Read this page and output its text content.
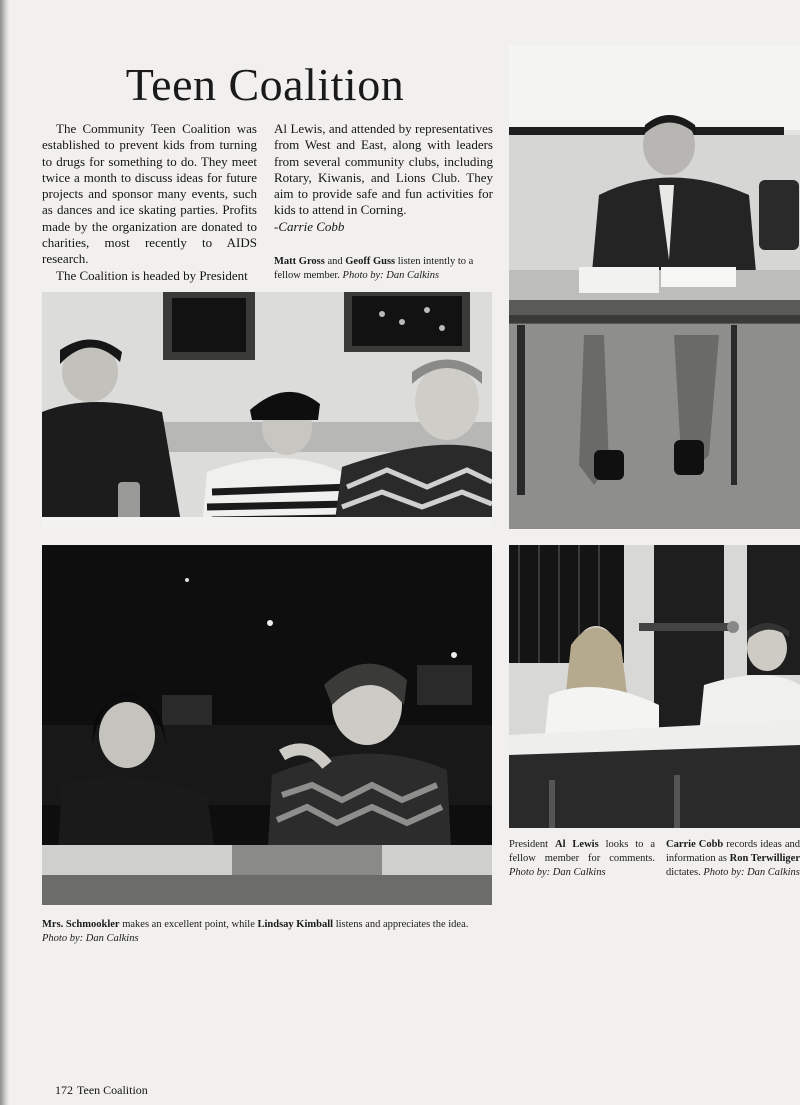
Teen Coalition

The Community Teen Coalition was established to prevent kids from turning to drugs for something to do. They meet twice a month to discuss ideas for future projects and sponsor many events, such as dances and ice skating parties. Profits made by the organization are donated to charities, most recently to AIDS research.

The Coalition is headed by President

Al Lewis, and attended by representatives from West and East, along with leaders from several community clubs, including Rotary, Kiwanis, and Lions Club. They aim to provide safe and fun activities for kids to attend in Corning.

-Carrie Cobb

Matt Gross and Geoff Guss listen intently to a fellow member. Photo by: Dan Calkins
Mrs. Schmookler makes an excellent point, while Lindsay Kimball listens and appreciates the idea. Photo by: Dan Calkins
President Al Lewis looks to a fellow member for comments. Photo by: Dan Calkins
Carrie Cobb records ideas and information as Ron Terwilliger dictates. Photo by: Dan Calkins
172 Teen Coalition
